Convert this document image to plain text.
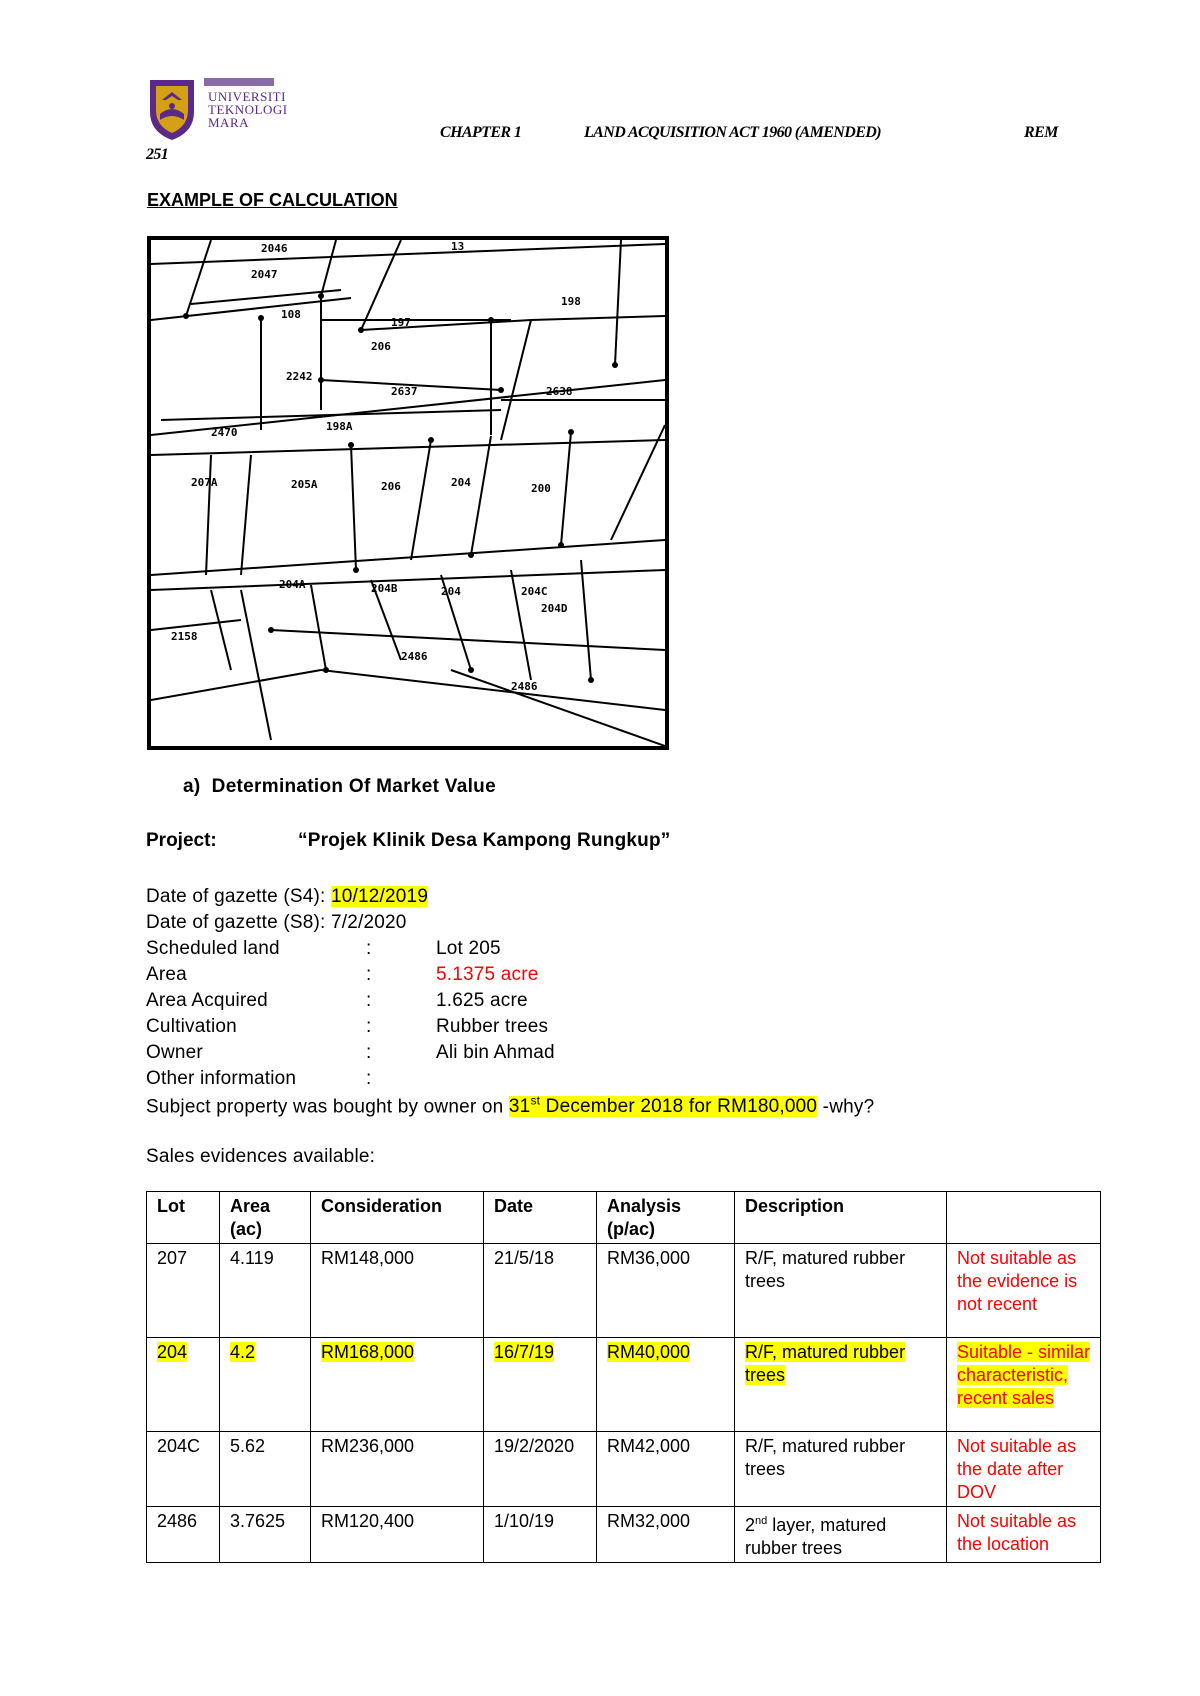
UNIVERSITI
TEKNOLOGI
MARA
CHAPTER 1	LAND ACQUISITION ACT 1960 (AMENDED)	REM
251
EXAMPLE OF CALCULATION
2046
2047
13
2242
108
197
198
206
2637	2638
2470	198A
205A	206
204A
207A	200
204
204B	204	204C
204D
2486
2486
2158
a) Determination Of Market Value
Project:	“Projek Klinik Desa Kampong Rungkup”
Date of gazette (S4): 10/12/2019
Date of gazette (S8): 7/2/2020
Scheduled land	:	Lot 205
Area	:	5.1375 acre
Area Acquired	:	1.625 acre
Cultivation	:	Rubber trees
Owner	:	Ali bin Ahmad
Other information	:
Subject property was bought by owner on 31st December 2018 for RM180,000 -why?
Sales evidences available:
Lot	Area (ac)	Consideration	Date	Analysis (p/ac)	Description	
207	4.119	RM148,000	21/5/18	RM36,000	R/F, matured rubber trees	Not suitable as the evidence is not recent
204	4.2	RM168,000	16/7/19	RM40,000	R/F, matured rubber trees	Suitable - similar characteristic, recent sales
204C	5.62	RM236,000	19/2/2020	RM42,000	R/F, matured rubber trees	Not suitable as the date after DOV
2486	3.7625	RM120,400	1/10/19	RM32,000	2nd layer, matured rubber trees	Not suitable as the location
